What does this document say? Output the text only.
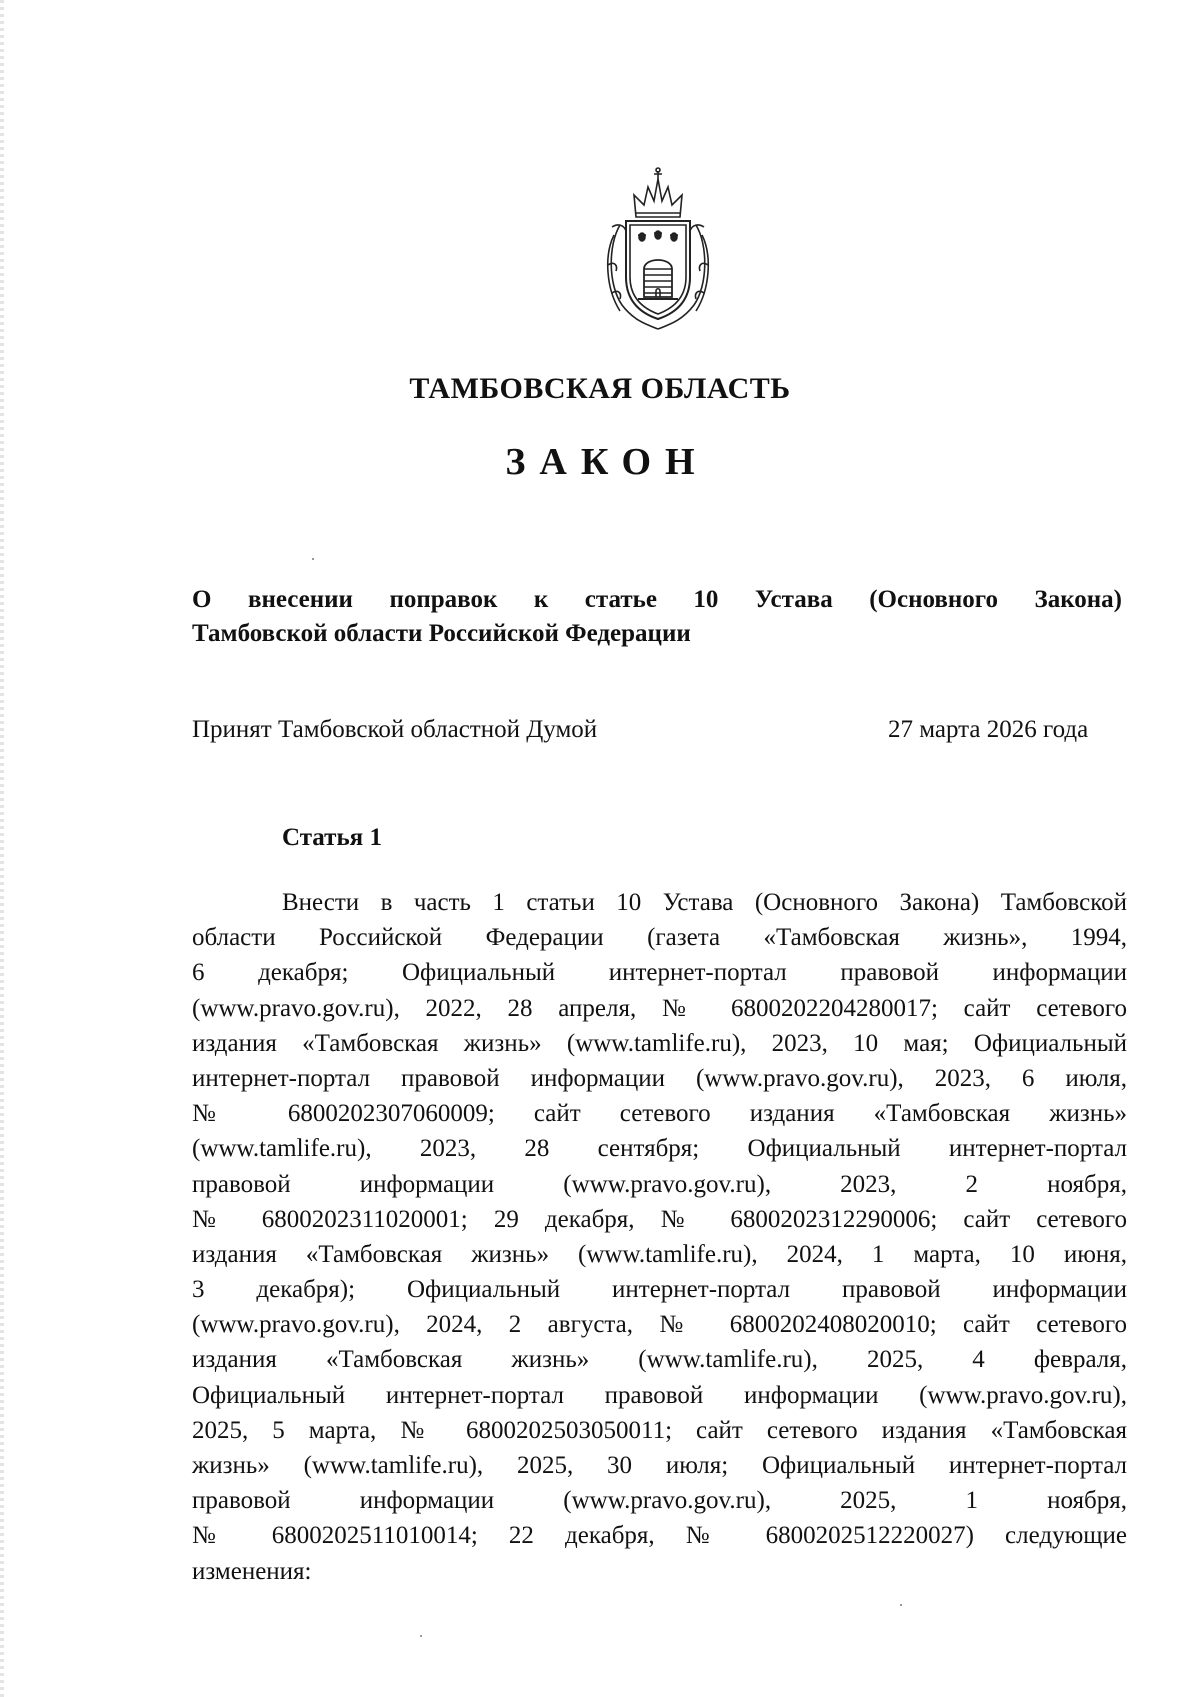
ТАМБОВСКАЯ ОБЛАСТЬ
ЗАКОН
О внесении поправок к статье 10 Устава (Основного Закона)
Тамбовской области Российской Федерации
Принят Тамбовской областной Думой	27 марта 2026 года
Статья 1
Внести в часть 1 статьи 10 Устава (Основного Закона) Тамбовской
области Российской Федерации (газета «Тамбовская жизнь», 1994,
6 декабря; Официальный интернет-портал правовой информации
(www.pravo.gov.ru), 2022, 28 апреля, № 6800202204280017; сайт сетевого
издания «Тамбовская жизнь» (www.tamlife.ru), 2023, 10 мая; Официальный
интернет-портал правовой информации (www.pravo.gov.ru), 2023, 6 июля,
№ 6800202307060009; сайт сетевого издания «Тамбовская жизнь»
(www.tamlife.ru), 2023, 28 сентября; Официальный интернет-портал
правовой информации (www.pravo.gov.ru), 2023, 2 ноября,
№ 6800202311020001; 29 декабря, № 6800202312290006; сайт сетевого
издания «Тамбовская жизнь» (www.tamlife.ru), 2024, 1 марта, 10 июня,
3 декабря); Официальный интернет-портал правовой информации
(www.pravo.gov.ru), 2024, 2 августа, № 6800202408020010; сайт сетевого
издания «Тамбовская жизнь» (www.tamlife.ru), 2025, 4 февраля,
Официальный интернет-портал правовой информации (www.pravo.gov.ru),
2025, 5 марта, № 6800202503050011; сайт сетевого издания «Тамбовская
жизнь» (www.tamlife.ru), 2025, 30 июля; Официальный интернет-портал
правовой информации (www.pravo.gov.ru), 2025, 1 ноября,
№ 6800202511010014; 22 декабря, № 6800202512220027) следующие
изменения:
